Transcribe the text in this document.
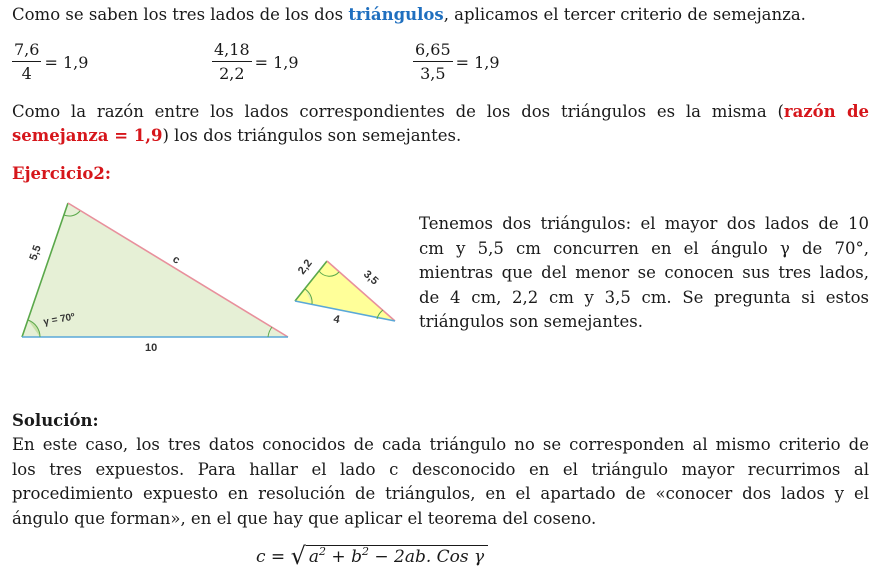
Como se saben los tres lados de los dos triángulos, aplicamos el tercer criterio de semejanza.
$\frac{7,6}{4} = 1,9$	$\frac{4,18}{2,2} = 1,9$	$\frac{6,65}{3,5} = 1,9$
Como la razón entre los lados correspondientes de los dos triángulos es la misma (razón de
semejanza = 1,9) los dos triángulos son semejantes.
Ejercicio2:
5,5	c
10
γ = 70º
2,2
3,5
4
Tenemos dos triángulos: el mayor dos lados de 10
cm y 5,5 cm concurren en el ángulo γ de 70°,
mientras que del menor se conocen sus tres lados,
de 4 cm, 2,2 cm y 3,5 cm. Se pregunta si estos
triángulos son semejantes.
Solución:
En este caso, los tres datos conocidos de cada triángulo no se corresponden al mismo criterio de
los tres expuestos. Para hallar el lado c desconocido en el triángulo mayor recurrimos al
procedimiento expuesto en resolución de triángulos, en el apartado de «conocer dos lados y el
ángulo que forman», en el que hay que aplicar el teorema del coseno.
c = √ $a^2 + b^2 - 2ab$. Cos γ
